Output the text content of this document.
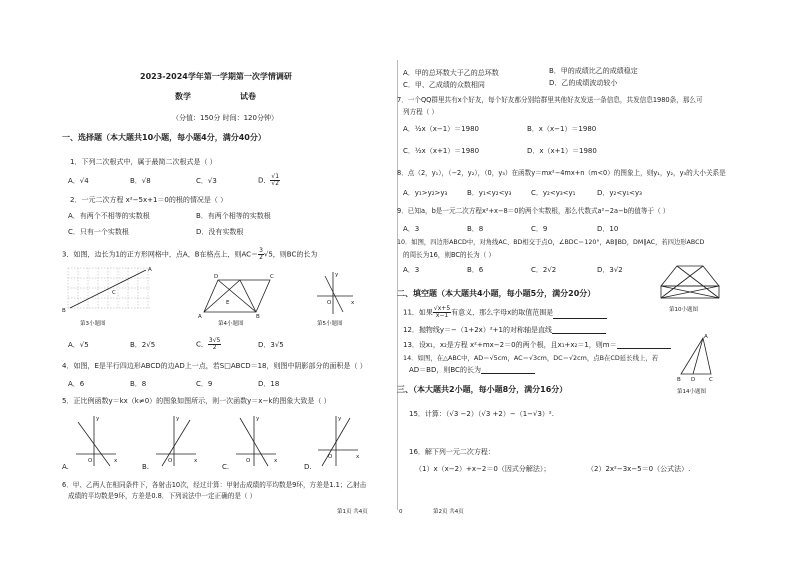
2023-2024学年第一学期第一次学情调研
数学	试卷
（分值：150分 时间：120分钟）
一、选择题（本大题共10小题，每小题4分，满分40分）
1．下列二次根式中，属于最简二次根式是（ ）
A．√4	B．√8	C．√3	D． $\frac{√1}{√2}$
2．一元二次方程 x²−5x+1＝0的根的情况是（ ）
A．有两个不相等的实数根	B．有两个相等的实数根
C．只有一个实数根	D．没有实数根
3．如图，边长为1的正方形网格中，点A，B在格点上，则$AC= \frac{3}{2} √5$，则BC的长为
B
A
C
D	C
A	B
E
y
x
O
第3小题图	第4小题图	第5小题图
A．√5	B．2√5	C． $\frac{3√5}{2}$	D．3√5
4．如图，E是平行四边形ABCD的边AD上一点，若S□ABCD＝18，则图中阴影部分的面积是（ ）
A．6	B．8	C．9	D．18
5．正比例函数y＝kx（k≠0）的图象如图所示，则一次函数y＝x−k的图象大致是（ ）
y
x
O
y
x
O
y
x
O
y
x
O
A.	B.	C.	D.
6．甲、乙两人在相同条件下，各射击10次，经过计算：甲射击成绩的平均数是9环，方差是1.1；乙射击
成绩的平均数是9环，方差是0.8．下列说法中一定正确的是（ ）
第1页 共4页
A．甲的总环数大于乙的总环数	B．甲的成绩比乙的成绩稳定
C．甲、乙成绩的众数相同	D．乙的成绩波动较小
7．一个QQ群里共有x个好友，每个好友都分别给群里其他好友发送一条信息，共发信息1980条，那么可
列方程（ ）
A．½x（x−1）＝1980	B．x（x−1）＝1980
C．½x（x+1）＝1980	D．x（x+1）＝1980
8．点（2，y₁），（−2，y₂），（0，y₃）在函数y＝mx²−4mx+n（m<0）的图象上，则y₁，y₂，y₃的大小关系是
A．y₁>y₂>y₃	B．y₁<y₂<y₃	C．y₂<y₃<y₁	D．y₂<y₁<y₃
9．已知a，b是一元二次方程x²+x−8＝0的两个实数根，那么代数式a²−2a−b的值等于（ ）
A．3	B．8	C．9	D．10
10．如图，四边形ABCD中，对角线AC、BD相交于点O，∠BDC＝120°，AB∥BD，DM∥AC，若四边形ABCD
的周长为16，则BC的长为（ ）
A．3	B．6	C．2√2	D．3√2
第10小题图
二、填空题（本大题共4小题，每小题5分，满分20分）
11．如果 $\frac{√x+5}{x-1}$ 有意义，那么字母x的取值范围是
12．抛物线y＝−（1+2x）²+1的对称轴是直线
13．设x₁，x₂是方程 x²+mx−2＝0的两个根，且x₁+x₂＝1，则m＝
14．如图，在△ABC中，AD＝√5cm，AC＝√3cm，DC＝√2cm，点B在CD延长线上，若
AD＝BD，则BC的长为
A
B D	C
第14小题图
三、（本大题共2小题，每小题8分，满分16分）
15．计算：（√3 −2）（√3 +2）−（1−√3）².
16．解下列一元二次方程：
（1）x（x−2）+x−2＝0（因式分解法）；	（2）2x²−3x−5＝0（公式法）.
0	第2页 共4页
